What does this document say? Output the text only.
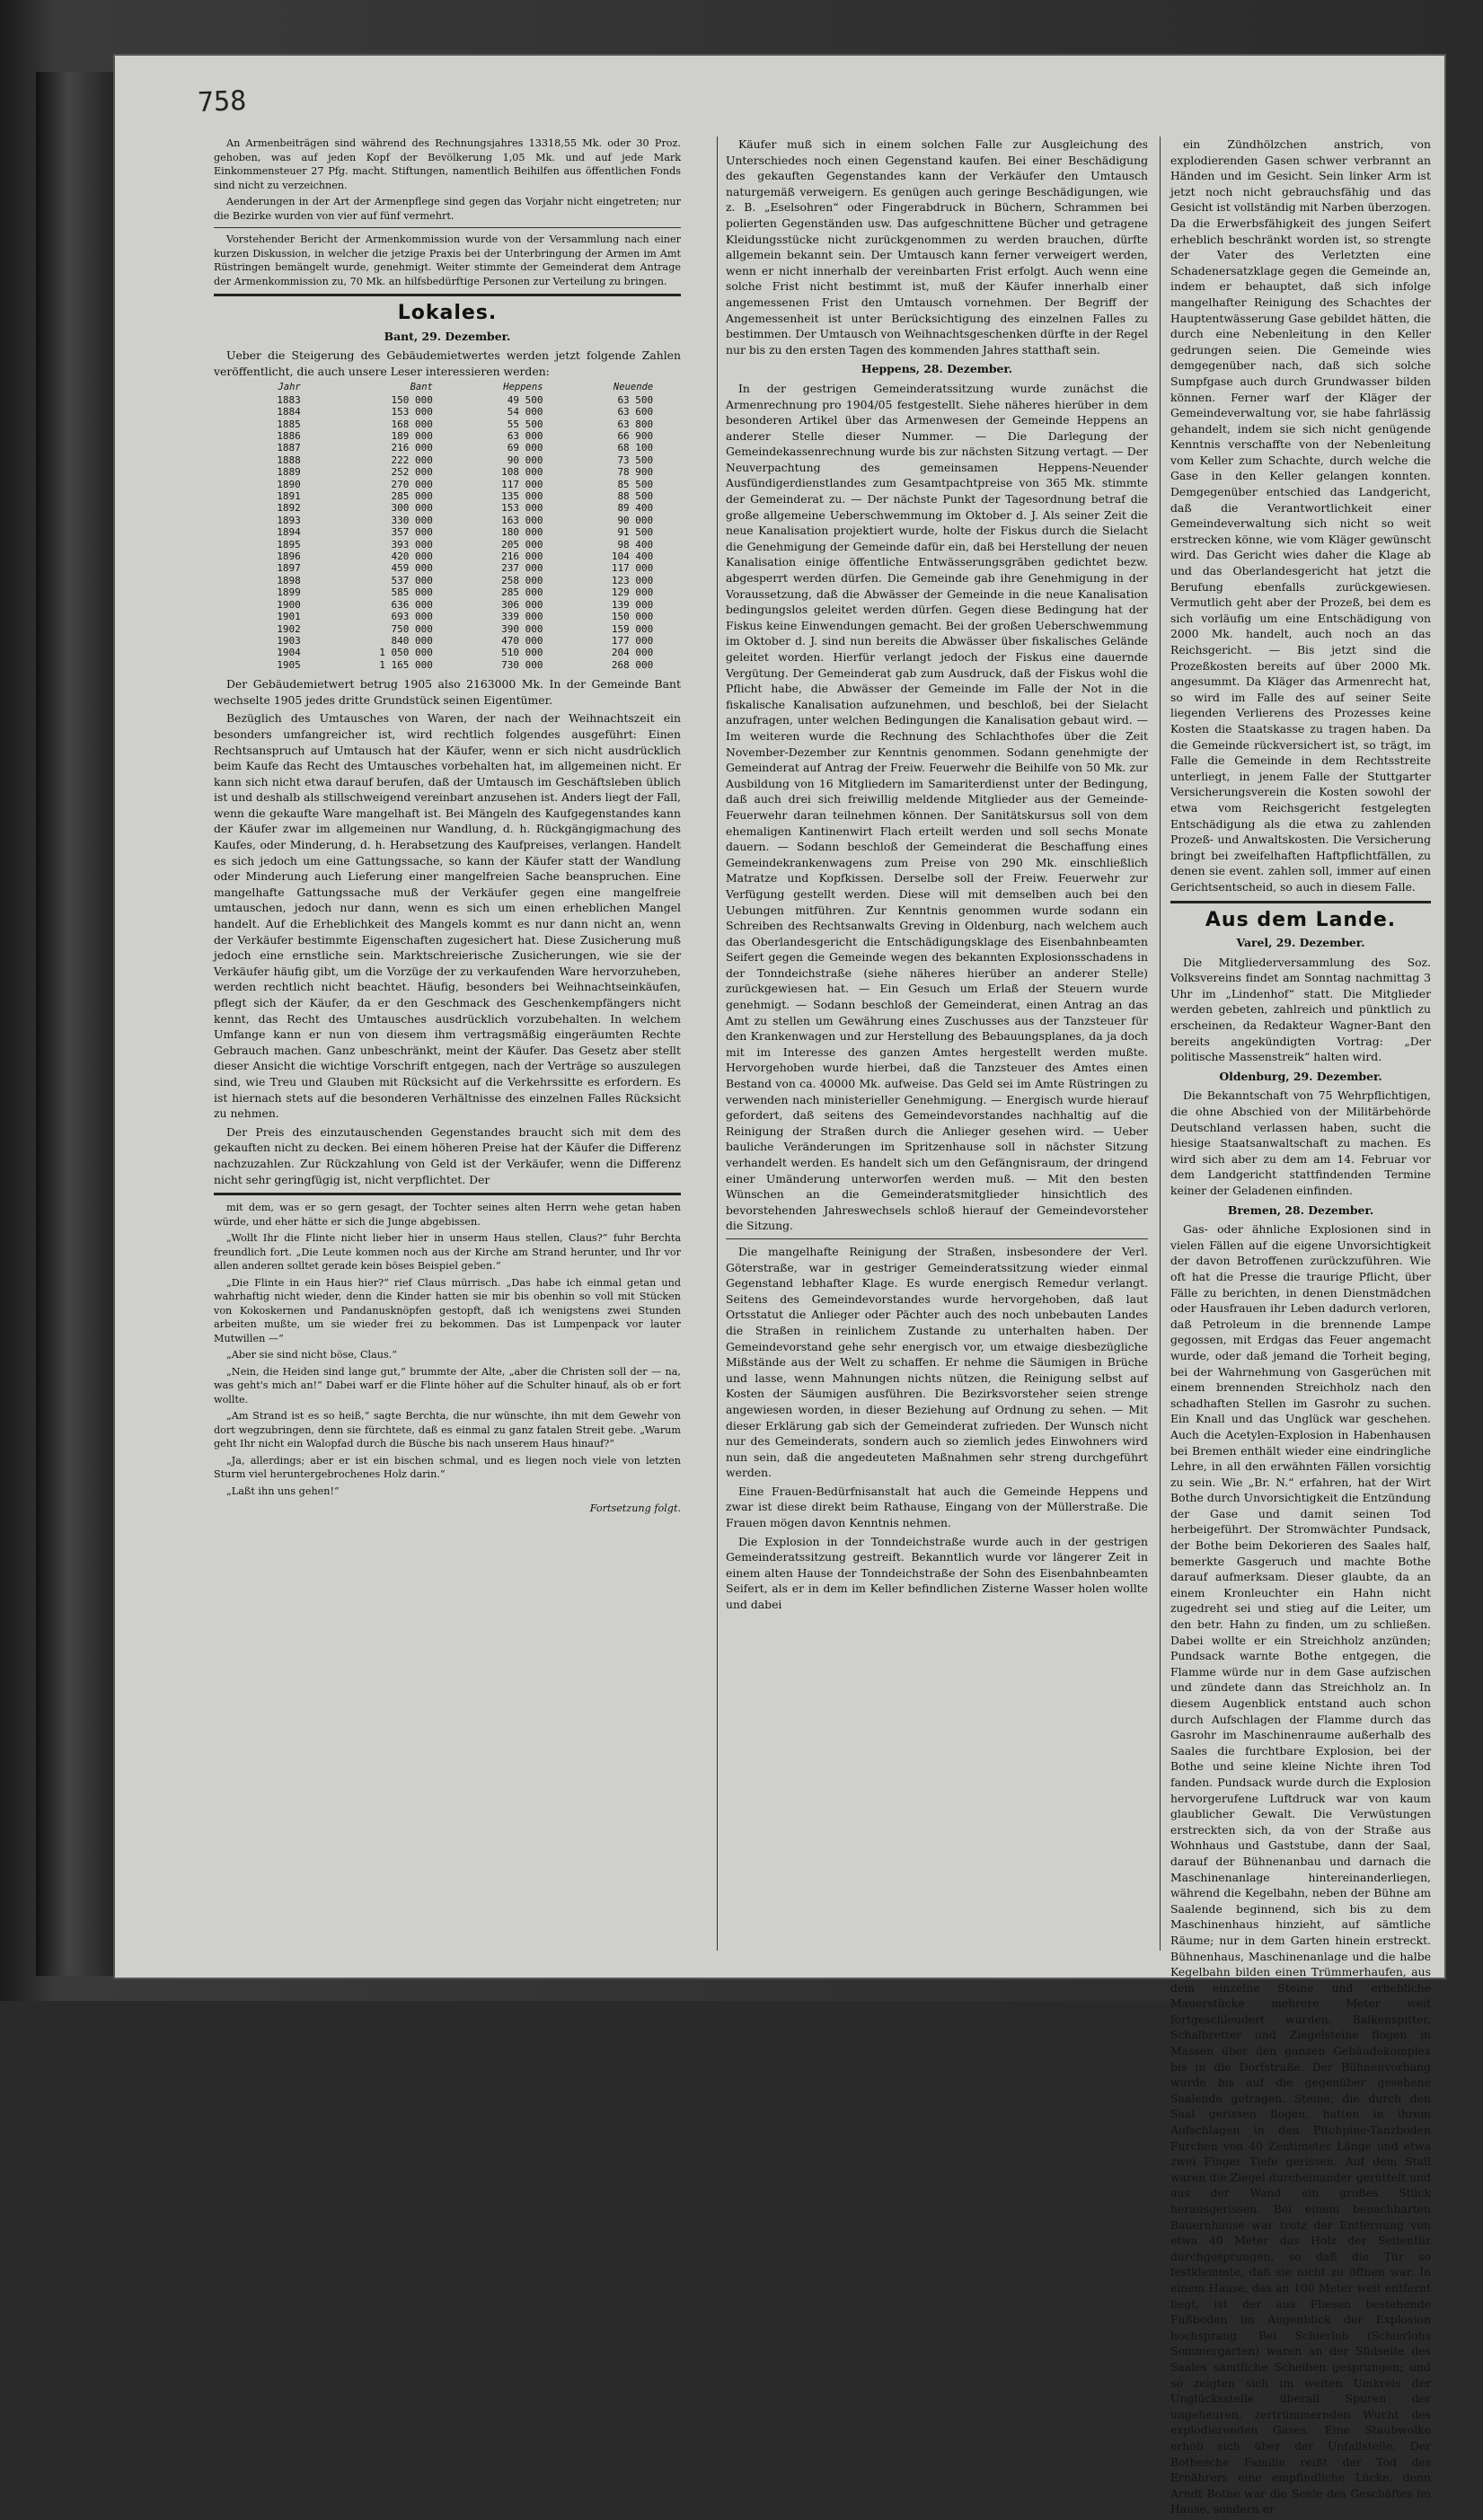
758

An Armenbeiträgen sind während des Rechnungsjahres 13318,55 Mk. oder 30 Proz. gehoben, was auf jeden Kopf der Bevölkerung 1,05 Mk. und auf jede Mark Einkommensteuer 27 Pfg. macht. Stiftungen, namentlich Beihilfen aus öffentlichen Fonds sind nicht zu verzeichnen.

Aenderungen in der Art der Armenpflege sind gegen das Vorjahr nicht eingetreten; nur die Bezirke wurden von vier auf fünf vermehrt.

Vorstehender Bericht der Armenkommission wurde von der Versammlung nach einer kurzen Diskussion, in welcher die jetzige Praxis bei der Unterbringung der Armen im Amt Rüstringen bemängelt wurde, genehmigt. Weiter stimmte der Gemeinderat dem Antrage der Armenkommission zu, 70 Mk. an hilfsbedürftige Personen zur Verteilung zu bringen.

Lokales.
Bant, 29. Dezember.

Ueber die Steigerung des Gebäudemietwertes werden jetzt folgende Zahlen veröffentlicht, die auch unsere Leser interessieren werden:

Jahr	Bant	Heppens	Neuende
1883	150 000	49 500	63 500
1884	153 000	54 000	63 600
1885	168 000	55 500	63 800
1886	189 000	63 000	66 900
1887	216 000	69 000	68 100
1888	222 000	90 000	73 500
1889	252 000	108 000	78 900
1890	270 000	117 000	85 500
1891	285 000	135 000	88 500
1892	300 000	153 000	89 400
1893	330 000	163 000	90 000
1894	357 000	180 000	91 500
1895	393 000	205 000	98 400
1896	420 000	216 000	104 400
1897	459 000	237 000	117 000
1898	537 000	258 000	123 000
1899	585 000	285 000	129 000
1900	636 000	306 000	139 000
1901	693 000	339 000	150 000
1902	750 000	390 000	159 000
1903	840 000	470 000	177 000
1904	1 050 000	510 000	204 000
1905	1 165 000	730 000	268 000

Der Gebäudemietwert betrug 1905 also 2163000 Mk. In der Gemeinde Bant wechselte 1905 jedes dritte Grundstück seinen Eigentümer.

Bezüglich des Umtausches von Waren, der nach der Weihnachtszeit ein besonders umfangreicher ist, wird rechtlich folgendes ausgeführt: Einen Rechtsanspruch auf Umtausch hat der Käufer, wenn er sich nicht ausdrücklich beim Kaufe das Recht des Umtausches vorbehalten hat, im allgemeinen nicht. Er kann sich nicht etwa darauf berufen, daß der Umtausch im Geschäftsleben üblich ist und deshalb als stillschweigend vereinbart anzusehen ist. Anders liegt der Fall, wenn die gekaufte Ware mangelhaft ist. Bei Mängeln des Kaufgegenstandes kann der Käufer zwar im allgemeinen nur Wandlung, d. h. Rückgängigmachung des Kaufes, oder Minderung, d. h. Herabsetzung des Kaufpreises, verlangen. Handelt es sich jedoch um eine Gattungssache, so kann der Käufer statt der Wandlung oder Minderung auch Lieferung einer mangelfreien Sache beanspruchen. Eine mangelhafte Gattungssache muß der Verkäufer gegen eine mangelfreie umtauschen, jedoch nur dann, wenn es sich um einen erheblichen Mangel handelt. Auf die Erheblichkeit des Mangels kommt es nur dann nicht an, wenn der Verkäufer bestimmte Eigenschaften zugesichert hat. Diese Zusicherung muß jedoch eine ernstliche sein. Marktschreierische Zusicherungen, wie sie der Verkäufer häufig gibt, um die Vorzüge der zu verkaufenden Ware hervorzuheben, werden rechtlich nicht beachtet. Häufig, besonders bei Weihnachtseinkäufen, pflegt sich der Käufer, da er den Geschmack des Geschenkempfängers nicht kennt, das Recht des Umtausches ausdrücklich vorzubehalten. In welchem Umfange kann er nun von diesem ihm vertragsmäßig eingeräumten Rechte Gebrauch machen. Ganz unbeschränkt, meint der Käufer. Das Gesetz aber stellt dieser Ansicht die wichtige Vorschrift entgegen, nach der Verträge so auszulegen sind, wie Treu und Glauben mit Rücksicht auf die Verkehrssitte es erfordern. Es ist hiernach stets auf die besonderen Verhältnisse des einzelnen Falles Rücksicht zu nehmen.

Der Preis des einzutauschenden Gegenstandes braucht sich mit dem des gekauften nicht zu decken. Bei einem höheren Preise hat der Käufer die Differenz nachzuzahlen. Zur Rückzahlung von Geld ist der Verkäufer, wenn die Differenz nicht sehr geringfügig ist, nicht verpflichtet. Der

mit dem, was er so gern gesagt, der Tochter seines alten Herrn wehe getan haben würde, und eher hätte er sich die Junge abgebissen.

„Wollt Ihr die Flinte nicht lieber hier in unserm Haus stellen, Claus?“ fuhr Berchta freundlich fort. „Die Leute kommen noch aus der Kirche am Strand herunter, und Ihr vor allen anderen solltet gerade kein böses Beispiel geben.“

„Die Flinte in ein Haus hier?“ rief Claus mürrisch. „Das habe ich einmal getan und wahrhaftig nicht wieder, denn die Kinder hatten sie mir bis obenhin so voll mit Stücken von Kokoskernen und Pandanusknöpfen gestopft, daß ich wenigstens zwei Stunden arbeiten mußte, um sie wieder frei zu bekommen. Das ist Lumpenpack vor lauter Mutwillen —“

„Aber sie sind nicht böse, Claus.“

„Nein, die Heiden sind lange gut,“ brummte der Alte, „aber die Christen soll der — na, was geht's mich an!“ Dabei warf er die Flinte höher auf die Schulter hinauf, als ob er fort wollte.

„Am Strand ist es so heiß,“ sagte Berchta, die nur wünschte, ihn mit dem Gewehr von dort wegzubringen, denn sie fürchtete, daß es einmal zu ganz fatalen Streit gebe. „Warum geht Ihr nicht ein Walopfad durch die Büsche bis nach unserem Haus hinauf?“

„Ja, allerdings; aber er ist ein bischen schmal, und es liegen noch viele von letzten Sturm viel heruntergebrochenes Holz darin.“

„Laßt ihn uns gehen!“

Fortsetzung folgt.

Käufer muß sich in einem solchen Falle zur Ausgleichung des Unterschiedes noch einen Gegenstand kaufen. Bei einer Beschädigung des gekauften Gegenstandes kann der Verkäufer den Umtausch naturgemäß verweigern. Es genügen auch geringe Beschädigungen, wie z. B. „Eselsohren“ oder Fingerabdruck in Büchern, Schrammen bei polierten Gegenständen usw. Das aufgeschnittene Bücher und getragene Kleidungsstücke nicht zurückgenommen zu werden brauchen, dürfte allgemein bekannt sein. Der Umtausch kann ferner verweigert werden, wenn er nicht innerhalb der vereinbarten Frist erfolgt. Auch wenn eine solche Frist nicht bestimmt ist, muß der Käufer innerhalb einer angemessenen Frist den Umtausch vornehmen. Der Begriff der Angemessenheit ist unter Berücksichtigung des einzelnen Falles zu bestimmen. Der Umtausch von Weihnachtsgeschenken dürfte in der Regel nur bis zu den ersten Tagen des kommenden Jahres statthaft sein.

Heppens, 28. Dezember.

In der gestrigen Gemeinderatssitzung wurde zunächst die Armenrechnung pro 1904/05 festgestellt. Siehe näheres hierüber in dem besonderen Artikel über das Armenwesen der Gemeinde Heppens an anderer Stelle dieser Nummer. — Die Darlegung der Gemeindekassenrechnung wurde bis zur nächsten Sitzung vertagt. — Der Neuverpachtung des gemeinsamen Heppens-Neuender Ausfündigerdienstlandes zum Gesamtpachtpreise von 365 Mk. stimmte der Gemeinderat zu. — Der nächste Punkt der Tagesordnung betraf die große allgemeine Ueberschwemmung im Oktober d. J. Als seiner Zeit die neue Kanalisation projektiert wurde, holte der Fiskus durch die Sielacht die Genehmigung der Gemeinde dafür ein, daß bei Herstellung der neuen Kanalisation einige öffentliche Entwässerungsgräben gedichtet bezw. abgesperrt werden dürfen. Die Gemeinde gab ihre Genehmigung in der Voraussetzung, daß die Abwässer der Gemeinde in die neue Kanalisation bedingungslos geleitet werden dürfen. Gegen diese Bedingung hat der Fiskus keine Einwendungen gemacht. Bei der großen Ueberschwemmung im Oktober d. J. sind nun bereits die Abwässer über fiskalisches Gelände geleitet worden. Hierfür verlangt jedoch der Fiskus eine dauernde Vergütung. Der Gemeinderat gab zum Ausdruck, daß der Fiskus wohl die Pflicht habe, die Abwässer der Gemeinde im Falle der Not in die fiskalische Kanalisation aufzunehmen, und beschloß, bei der Sielacht anzufragen, unter welchen Bedingungen die Kanalisation gebaut wird. — Im weiteren wurde die Rechnung des Schlachthofes über die Zeit November-Dezember zur Kenntnis genommen. Sodann genehmigte der Gemeinderat auf Antrag der Freiw. Feuerwehr die Beihilfe von 50 Mk. zur Ausbildung von 16 Mitgliedern im Samariterdienst unter der Bedingung, daß auch drei sich freiwillig meldende Mitglieder aus der Gemeinde-Feuerwehr daran teilnehmen können. Der Sanitätskursus soll von dem ehemaligen Kantinenwirt Flach erteilt werden und soll sechs Monate dauern. — Sodann beschloß der Gemeinderat die Beschaffung eines Gemeindekrankenwagens zum Preise von 290 Mk. einschließlich Matratze und Kopfkissen. Derselbe soll der Freiw. Feuerwehr zur Verfügung gestellt werden. Diese will mit demselben auch bei den Uebungen mitführen. Zur Kenntnis genommen wurde sodann ein Schreiben des Rechtsanwalts Greving in Oldenburg, nach welchem auch das Oberlandesgericht die Entschädigungsklage des Eisenbahnbeamten Seifert gegen die Gemeinde wegen des bekannten Explosionsschadens in der Tonndeichstraße (siehe näheres hierüber an anderer Stelle) zurückgewiesen hat. — Ein Gesuch um Erlaß der Steuern wurde genehmigt. — Sodann beschloß der Gemeinderat, einen Antrag an das Amt zu stellen um Gewährung eines Zuschusses aus der Tanzsteuer für den Krankenwagen und zur Herstellung des Bebauungsplanes, da ja doch mit im Interesse des ganzen Amtes hergestellt werden mußte. Hervorgehoben wurde hierbei, daß die Tanzsteuer des Amtes einen Bestand von ca. 40000 Mk. aufweise. Das Geld sei im Amte Rüstringen zu verwenden nach ministerieller Genehmigung. — Energisch wurde hierauf gefordert, daß seitens des Gemeindevorstandes nachhaltig auf die Reinigung der Straßen durch die Anlieger gesehen wird. — Ueber bauliche Veränderungen im Spritzenhause soll in nächster Sitzung verhandelt werden. Es handelt sich um den Gefängnisraum, der dringend einer Umänderung unterworfen werden muß. — Mit den besten Wünschen an die Gemeinderatsmitglieder hinsichtlich des bevorstehenden Jahreswechsels schloß hierauf der Gemeindevorsteher die Sitzung.

Die mangelhafte Reinigung der Straßen, insbesondere der Verl. Göterstraße, war in gestriger Gemeinderatssitzung wieder einmal Gegenstand lebhafter Klage. Es wurde energisch Remedur verlangt. Seitens des Gemeindevorstandes wurde hervorgehoben, daß laut Ortsstatut die Anlieger oder Pächter auch des noch unbebauten Landes die Straßen in reinlichem Zustande zu unterhalten haben. Der Gemeindevorstand gehe sehr energisch vor, um etwaige diesbezügliche Mißstände aus der Welt zu schaffen. Er nehme die Säumigen in Brüche und lasse, wenn Mahnungen nichts nützen, die Reinigung selbst auf Kosten der Säumigen ausführen. Die Bezirksvorsteher seien strenge angewiesen worden, in dieser Beziehung auf Ordnung zu sehen. — Mit dieser Erklärung gab sich der Gemeinderat zufrieden. Der Wunsch nicht nur des Gemeinderats, sondern auch so ziemlich jedes Einwohners wird nun sein, daß die angedeuteten Maßnahmen sehr streng durchgeführt werden.

Eine Frauen-Bedürfnisanstalt hat auch die Gemeinde Heppens und zwar ist diese direkt beim Rathause, Eingang von der Müllerstraße. Die Frauen mögen davon Kenntnis nehmen.

Die Explosion in der Tonndeichstraße wurde auch in der gestrigen Gemeinderatssitzung gestreift. Bekanntlich wurde vor längerer Zeit in einem alten Hause der Tonndeichstraße der Sohn des Eisenbahnbeamten Seifert, als er in dem im Keller befindlichen Zisterne Wasser holen wollte und dabei

ein Zündhölzchen anstrich, von explodierenden Gasen schwer verbrannt an Händen und im Gesicht. Sein linker Arm ist jetzt noch nicht gebrauchsfähig und das Gesicht ist vollständig mit Narben überzogen. Da die Erwerbsfähigkeit des jungen Seifert erheblich beschränkt worden ist, so strengte der Vater des Verletzten eine Schadenersatzklage gegen die Gemeinde an, indem er behauptet, daß sich infolge mangelhafter Reinigung des Schachtes der Hauptentwässerung Gase gebildet hätten, die durch eine Nebenleitung in den Keller gedrungen seien. Die Gemeinde wies demgegenüber nach, daß sich solche Sumpfgase auch durch Grundwasser bilden können. Ferner warf der Kläger der Gemeindeverwaltung vor, sie habe fahrlässig gehandelt, indem sie sich nicht genügende Kenntnis verschaffte von der Nebenleitung vom Keller zum Schachte, durch welche die Gase in den Keller gelangen konnten. Demgegenüber entschied das Landgericht, daß die Verantwortlichkeit einer Gemeindeverwaltung sich nicht so weit erstrecken könne, wie vom Kläger gewünscht wird. Das Gericht wies daher die Klage ab und das Oberlandesgericht hat jetzt die Berufung ebenfalls zurückgewiesen. Vermutlich geht aber der Prozeß, bei dem es sich vorläufig um eine Entschädigung von 2000 Mk. handelt, auch noch an das Reichsgericht. — Bis jetzt sind die Prozeßkosten bereits auf über 2000 Mk. angesummt. Da Kläger das Armenrecht hat, so wird im Falle des auf seiner Seite liegenden Verlierens des Prozesses keine Kosten die Staatskasse zu tragen haben. Da die Gemeinde rückversichert ist, so trägt, im Falle die Gemeinde in dem Rechtsstreite unterliegt, in jenem Falle der Stuttgarter Versicherungsverein die Kosten sowohl der etwa vom Reichsgericht festgelegten Entschädigung als die etwa zu zahlenden Prozeß- und Anwaltskosten. Die Versicherung bringt bei zweifelhaften Haftpflichtfällen, zu denen sie event. zahlen soll, immer auf einen Gerichtsentscheid, so auch in diesem Falle.

Aus dem Lande.
Varel, 29. Dezember.

Die Mitgliederversammlung des Soz. Volksvereins findet am Sonntag nachmittag 3 Uhr im „Lindenhof“ statt. Die Mitglieder werden gebeten, zahlreich und pünktlich zu erscheinen, da Redakteur Wagner-Bant den bereits angekündigten Vortrag: „Der politische Massenstreik“ halten wird.

Oldenburg, 29. Dezember.

Die Bekanntschaft von 75 Wehrpflichtigen, die ohne Abschied von der Militärbehörde Deutschland verlassen haben, sucht die hiesige Staatsanwaltschaft zu machen. Es wird sich aber zu dem am 14. Februar vor dem Landgericht stattfindenden Termine keiner der Geladenen einfinden.

Bremen, 28. Dezember.

Gas- oder ähnliche Explosionen sind in vielen Fällen auf die eigene Unvorsichtigkeit der davon Betroffenen zurückzuführen. Wie oft hat die Presse die traurige Pflicht, über Fälle zu berichten, in denen Dienstmädchen oder Hausfrauen ihr Leben dadurch verloren, daß Petroleum in die brennende Lampe gegossen, mit Erdgas das Feuer angemacht wurde, oder daß jemand die Torheit beging, bei der Wahrnehmung von Gasgerüchen mit einem brennenden Streichholz nach den schadhaften Stellen im Gasrohr zu suchen. Ein Knall und das Unglück war geschehen. Auch die Acetylen-Explosion in Habenhausen bei Bremen enthält wieder eine eindringliche Lehre, in all den erwähnten Fällen vorsichtig zu sein. Wie „Br. N.“ erfahren, hat der Wirt Bothe durch Unvorsichtigkeit die Entzündung der Gase und damit seinen Tod herbeigeführt. Der Stromwächter Pundsack, der Bothe beim Dekorieren des Saales half, bemerkte Gasgeruch und machte Bothe darauf aufmerksam. Dieser glaubte, da an einem Kronleuchter ein Hahn nicht zugedreht sei und stieg auf die Leiter, um den betr. Hahn zu finden, um zu schließen. Dabei wollte er ein Streichholz anzünden; Pundsack warnte Bothe entgegen, die Flamme würde nur in dem Gase aufzischen und zündete dann das Streichholz an. In diesem Augenblick entstand auch schon durch Aufschlagen der Flamme durch das Gasrohr im Maschinenraume außerhalb des Saales die furchtbare Explosion, bei der Bothe und seine kleine Nichte ihren Tod fanden. Pundsack wurde durch die Explosion hervorgerufene Luftdruck war von kaum glaublicher Gewalt. Die Verwüstungen erstreckten sich, da von der Straße aus Wohnhaus und Gaststube, dann der Saal, darauf der Bühnenanbau und darnach die Maschinenanlage hintereinanderliegen, während die Kegelbahn, neben der Bühne am Saalende beginnend, sich bis zu dem Maschinenhaus hinzieht, auf sämtliche Räume; nur in dem Garten hinein erstreckt. Bühnenhaus, Maschinenanlage und die halbe Kegelbahn bilden einen Trümmerhaufen, aus dem einzelne Steine und erhebliche Mauerstücke mehrere Meter weit fortgeschleudert wurden. Balkenspitter, Schalbretter und Ziegelsteine flogen in Massen über den ganzen Gebäudekomplex bis in die Dorfstraße. Der Bühnenvorhang wurde bis auf die gegenüber gesehene Saalende getragen. Steine, die durch den Saal gerissen flogen, hatten in ihrem Aufschlagen in den Pitchpine-Tanzboden Furchen von 40 Zentimeter Länge und etwa zwei Finger Tiefe gerissen. Auf dem Stall waren die Ziegel durcheinander gerüttelt und aus der Wand ein großes Stück herausgerissen. Bei einem benachbarten Bauernhause war trotz der Entfernung von etwa 40 Meter das Holz der Seitentür durchgesprungen, so daß die Tür so festklemmte, daß sie nicht zu öffnen war. In einem Hause, das an 100 Meter weit entfernt liegt, ist der aus Fliesen bestehende Fußboden im Augenblick der Explosion hochsprang. Bei Schierlob (Schierlohs Sommergarten) waren an der Südseite des Saales sämtliche Scheiben gesprungen; und so zeigten sich im weiten Umkreis der Unglücksstelle überall Spuren der ungeheuren, zertrümmernden Wucht des explodierenden Gases. Eine Staubwolke erhob sich über der Unfallstelle. Der Bothesche Familie reißt der Tod des Ernährers eine empfindliche Lücke, denn Arndt Bothe war die Seele des Geschäftes im Hause, sondern er
